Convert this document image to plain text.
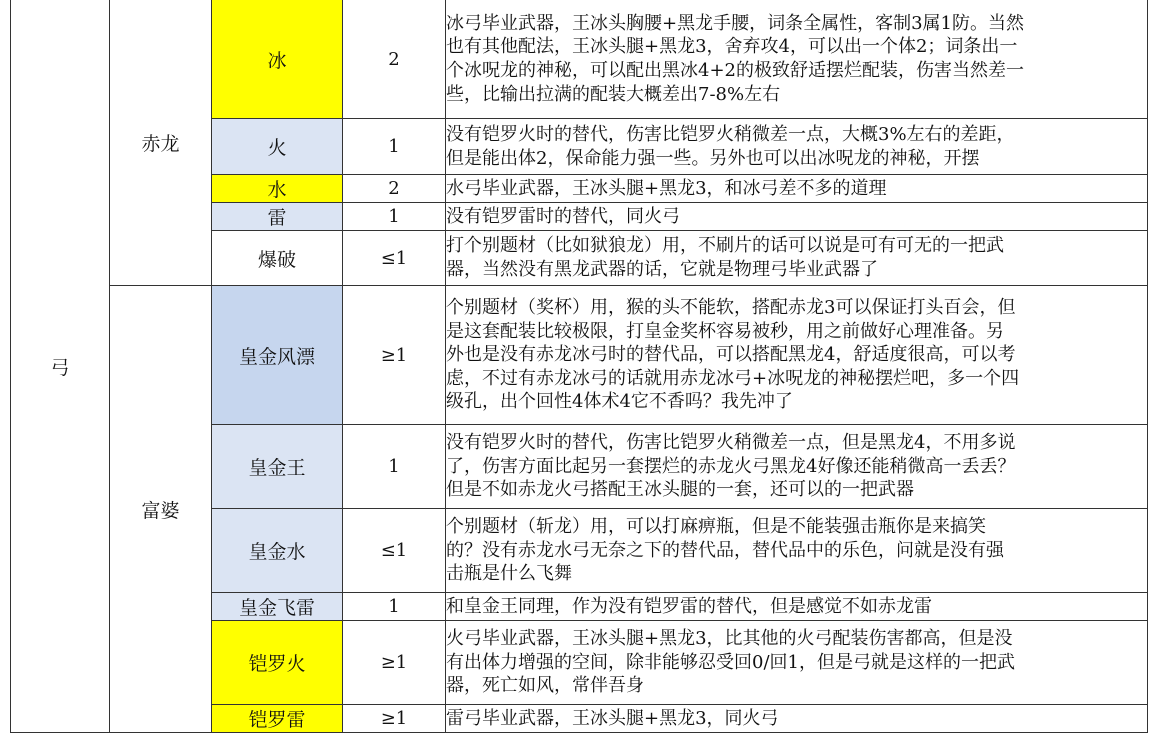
弓	赤龙	冰	2	冰弓毕业武器，王冰头胸腰+黑龙手腰，词条全属性，客制3属1防。当然
也有其他配法，王冰头腿+黑龙3，舍弃攻4，可以出一个体2；词条出一
个冰呪龙的神秘，可以配出黑冰4+2的极致舒适摆烂配装，伤害当然差一
些，比输出拉满的配装大概差出7-8%左右
		火	1	没有铠罗火时的替代，伤害比铠罗火稍微差一点，大概3%左右的差距，
但是能出体2，保命能力强一些。另外也可以出冰呪龙的神秘，开摆
		水	2	水弓毕业武器，王冰头腿+黑龙3，和冰弓差不多的道理
		雷	1	没有铠罗雷时的替代，同火弓
		爆破	≤1	打个别题材（比如狱狼龙）用，不刷片的话可以说是可有可无的一把武
器，当然没有黑龙武器的话，它就是物理弓毕业武器了
	富婆	皇金风漂	≥1	个别题材（奖杯）用，猴的头不能软，搭配赤龙3可以保证打头百会，但
是这套配装比较极限，打皇金奖杯容易被秒，用之前做好心理准备。另
外也是没有赤龙冰弓时的替代品，可以搭配黑龙4，舒适度很高，可以考
虑，不过有赤龙冰弓的话就用赤龙冰弓+冰呪龙的神秘摆烂吧，多一个四
级孔，出个回性4体术4它不香吗？我先冲了
		皇金王	1	没有铠罗火时的替代，伤害比铠罗火稍微差一点，但是黑龙4，不用多说
了，伤害方面比起另一套摆烂的赤龙火弓黑龙4好像还能稍微高一丢丢？
但是不如赤龙火弓搭配王冰头腿的一套，还可以的一把武器
		皇金水	≤1	个别题材（斩龙）用，可以打麻痹瓶，但是不能装强击瓶你是来搞笑
的？没有赤龙水弓无奈之下的替代品，替代品中的乐色，问就是没有强
击瓶是什么飞舞
		皇金飞雷	1	和皇金王同理，作为没有铠罗雷的替代，但是感觉不如赤龙雷
		铠罗火	≥1	火弓毕业武器，王冰头腿+黑龙3，比其他的火弓配装伤害都高，但是没
有出体力增强的空间，除非能够忍受回0/回1，但是弓就是这样的一把武
器，死亡如风，常伴吾身
		铠罗雷	≥1	雷弓毕业武器，王冰头腿+黑龙3，同火弓
